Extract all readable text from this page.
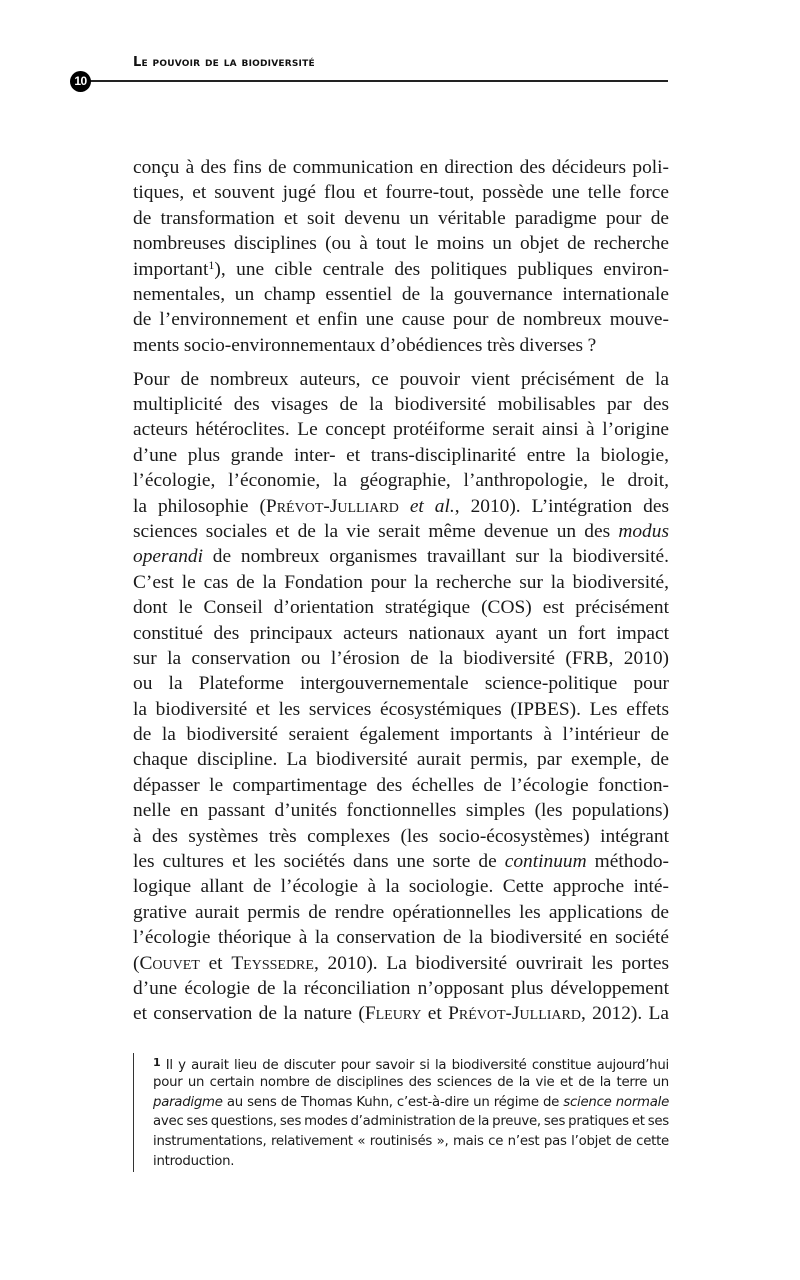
Le pouvoir de la biodiversité
10
conçu à des fins de communication en direction des décideurs poli-
tiques, et souvent jugé flou et fourre-tout, possède une telle force
de transformation et soit devenu un véritable paradigme pour de
nombreuses disciplines (ou à tout le moins un objet de recherche
important$^1$), une cible centrale des politiques publiques environ-
nementales, un champ essentiel de la gouvernance internationale
de l’environnement et enfin une cause pour de nombreux mouve-
ments socio-environnementaux d’obédiences très diverses ?
Pour de nombreux auteurs, ce pouvoir vient précisément de la
multiplicité des visages de la biodiversité mobilisables par des
acteurs hétéroclites. Le concept protéiforme serait ainsi à l’origine
d’une plus grande inter- et trans-disciplinarité entre la biologie,
l’écologie, l’économie, la géographie, l’anthropologie, le droit,
la philosophie (Prévot-Julliard et al., 2010). L’intégration des
sciences sociales et de la vie serait même devenue un des modus
operandi de nombreux organismes travaillant sur la biodiversité.
C’est le cas de la Fondation pour la recherche sur la biodiversité,
dont le Conseil d’orientation stratégique (COS) est précisément
constitué des principaux acteurs nationaux ayant un fort impact
sur la conservation ou l’érosion de la biodiversité (FRB, 2010)
ou la Plateforme intergouvernementale science-politique pour
la biodiversité et les services écosystémiques (IPBES). Les effets
de la biodiversité seraient également importants à l’intérieur de
chaque discipline. La biodiversité aurait permis, par exemple, de
dépasser le compartimentage des échelles de l’écologie fonction-
nelle en passant d’unités fonctionnelles simples (les populations)
à des systèmes très complexes (les socio-écosystèmes) intégrant
les cultures et les sociétés dans une sorte de continuum méthodo-
logique allant de l’écologie à la sociologie. Cette approche inté-
grative aurait permis de rendre opérationnelles les applications de
l’écologie théorique à la conservation de la biodiversité en société
(Couvet et Teyssedre, 2010). La biodiversité ouvrirait les portes
d’une écologie de la réconciliation n’opposant plus développement
et conservation de la nature (Fleury et Prévot-Julliard, 2012). La
$^1$ Il y aurait lieu de discuter pour savoir si la biodiversité constitue aujourd’hui
pour un certain nombre de disciplines des sciences de la vie et de la terre un
paradigme au sens de Thomas Kuhn, c’est-à-dire un régime de science normale
avec ses questions, ses modes d’administration de la preuve, ses pratiques et ses
instrumentations, relativement « routinisés », mais ce n’est pas l’objet de cette
introduction.
